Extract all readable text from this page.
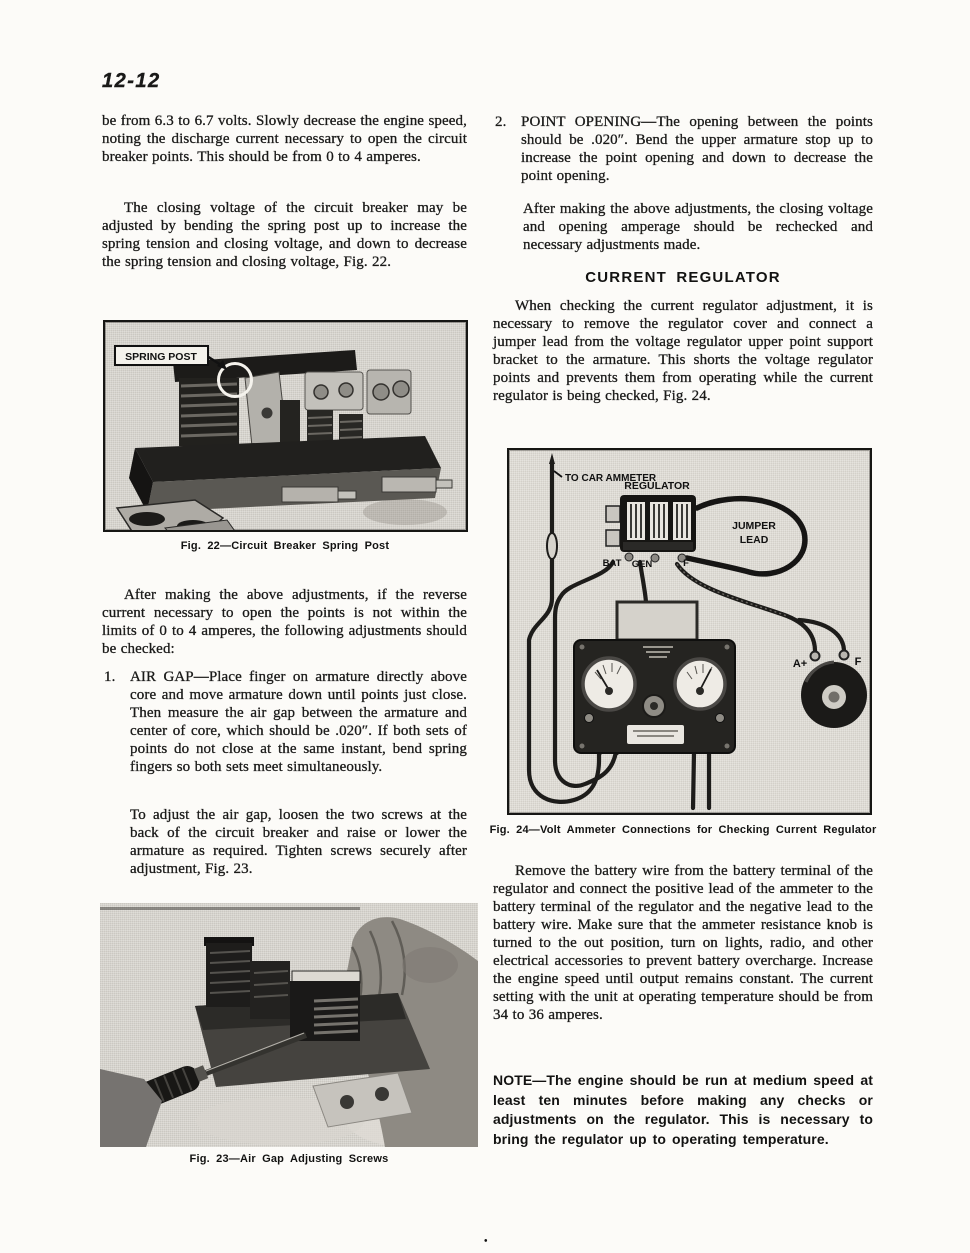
12-12
be from 6.3 to 6.7 volts. Slowly decrease the engine speed, noting the discharge current necessary to open the circuit breaker points. This should be from 0 to 4 amperes.
The closing voltage of the circuit breaker may be adjusted by bending the spring post up to increase the spring tension and closing voltage, and down to decrease the spring tension and closing voltage, Fig. 22.
SPRING POST
Fig. 22—Circuit Breaker Spring Post
After making the above adjustments, if the reverse current necessary to open the points is not within the limits of 0 to 4 amperes, the following adjustments should be checked:
1. AIR GAP—Place finger on armature directly above core and move armature down until points just close. Then measure the air gap between the armature and center of core, which should be .020″. If both sets of points do not close at the same instant, bend spring fingers so both sets meet simultaneously.
To adjust the air gap, loosen the two screws at the back of the circuit breaker and raise or lower the armature as required. Tighten screws securely after adjustment, Fig. 23.
Fig. 23—Air Gap Adjusting Screws
2. POINT OPENING—The opening between the points should be .020″. Bend the upper armature stop up to increase the point opening and down to decrease the point opening.
After making the above adjustments, the closing voltage and opening amperage should be rechecked and necessary adjustments made.
CURRENT REGULATOR
When checking the current regulator adjustment, it is necessary to remove the regulator cover and connect a jumper lead from the voltage regulator upper point support bracket to the armature. This shorts the voltage regulator points and prevents them from operating while the current regulator is being checked, Fig. 24.
TO CAR AMMETER
REGULATOR
JUMPER
LEAD
BAT GEN	F
A+	F
Fig. 24—Volt Ammeter Connections for Checking Current Regulator
Remove the battery wire from the battery terminal of the regulator and connect the positive lead of the ammeter to the battery terminal of the regulator and the negative lead to the battery wire. Make sure that the ammeter resistance knob is turned to the out position, turn on lights, radio, and other electrical accessories to prevent battery overcharge. Increase the engine speed until output remains constant. The current setting with the unit at operating temperature should be from 34 to 36 amperes.
NOTE—The engine should be run at medium speed at least ten minutes before making any checks or adjustments on the regulator. This is necessary to bring the regulator up to operating temperature.
•
